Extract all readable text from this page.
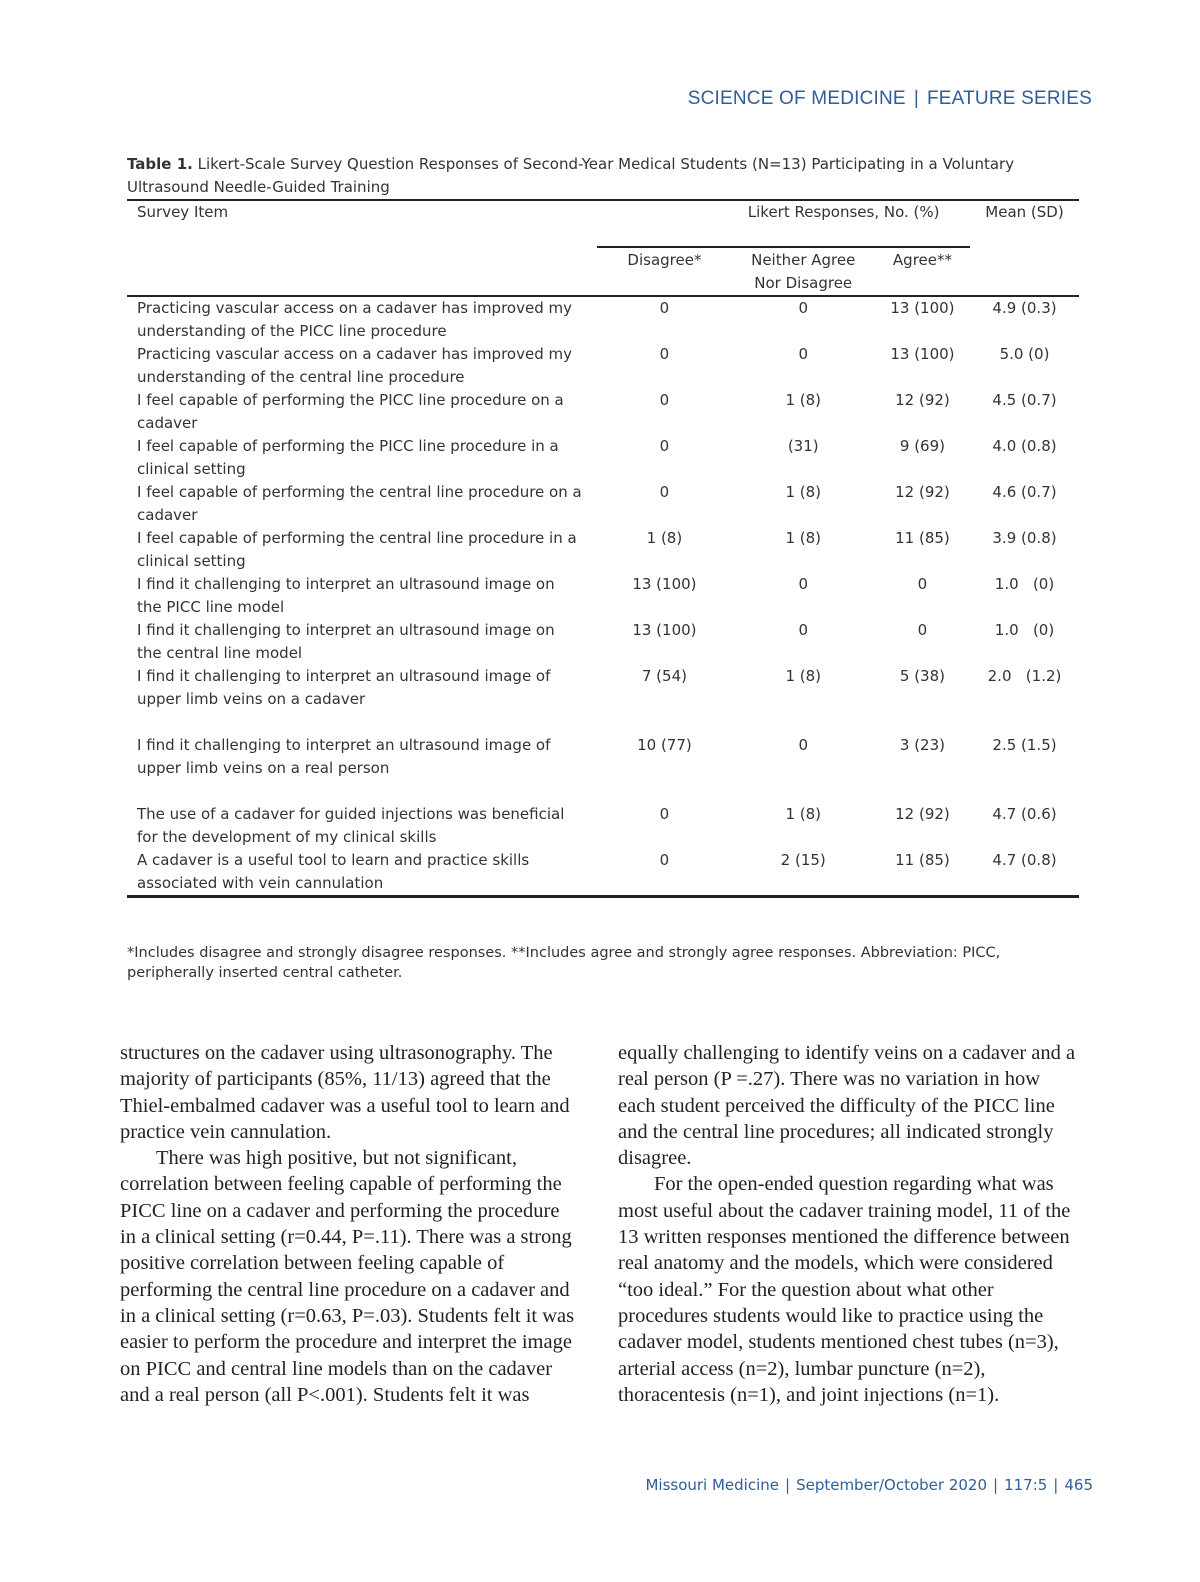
SCIENCE OF MEDICINE | FEATURE SERIES
Table 1. Likert-Scale Survey Question Responses of Second-Year Medical Students (N=13) Participating in a Voluntary Ultrasound Needle-Guided Training
Survey Item	Likert Responses, No. (%)			Mean (SD)
	Disagree*	Neither Agree Nor Disagree	Agree**	
Practicing vascular access on a cadaver has improved my understanding of the PICC line procedure	0	0	13 (100)	4.9 (0.3)
Practicing vascular access on a cadaver has improved my understanding of the central line procedure	0	0	13 (100)	5.0 (0)
I feel capable of performing the PICC line procedure on a cadaver	0	1 (8)	12 (92)	4.5 (0.7)
I feel capable of performing the PICC line procedure in a clinical setting	0	(31)	9 (69)	4.0 (0.8)
I feel capable of performing the central line procedure on a cadaver	0	1 (8)	12 (92)	4.6 (0.7)
I feel capable of performing the central line procedure in a clinical setting	1 (8)	1 (8)	11 (85)	3.9 (0.8)
I find it challenging to interpret an ultrasound image on the PICC line model	13 (100)	0	0	1.0   (0)
I find it challenging to interpret an ultrasound image on the central line model	13 (100)	0	0	1.0   (0)
I find it challenging to interpret an ultrasound image of upper limb veins on a cadaver	7 (54)	1 (8)	5 (38)	2.0   (1.2)
I find it challenging to interpret an ultrasound image of upper limb veins on a real person	10 (77)	0	3 (23)	2.5 (1.5)
The use of a cadaver for guided injections was beneficial for the development of my clinical skills	0	1 (8)	12 (92)	4.7 (0.6)
A cadaver is a useful tool to learn and practice skills associated with vein cannulation	0	2 (15)	11 (85)	4.7 (0.8)
*Includes disagree and strongly disagree responses. **Includes agree and strongly agree responses. Abbreviation: PICC, peripherally inserted central catheter.

structures on the cadaver using ultrasonography. The majority of participants (85%, 11/13) agreed that the Thiel-embalmed cadaver was a useful tool to learn and practice vein cannulation.

There was high positive, but not significant, correlation between feeling capable of performing the PICC line on a cadaver and performing the procedure in a clinical setting (r=0.44, P=.11). There was a strong positive correlation between feeling capable of performing the central line procedure on a cadaver and in a clinical setting (r=0.63, P=.03). Students felt it was easier to perform the procedure and interpret the image on PICC and central line models than on the cadaver and a real person (all P<.001). Students felt it was

equally challenging to identify veins on a cadaver and a real person (P =.27). There was no variation in how each student perceived the difficulty of the PICC line and the central line procedures; all indicated strongly disagree.

For the open-ended question regarding what was most useful about the cadaver training model, 11 of the 13 written responses mentioned the difference between real anatomy and the models, which were considered “too ideal.” For the question about what other procedures students would like to practice using the cadaver model, students mentioned chest tubes (n=3), arterial access (n=2), lumbar puncture (n=2), thoracentesis (n=1), and joint injections (n=1).

Missouri Medicine | September/October 2020 | 117:5 | 465
